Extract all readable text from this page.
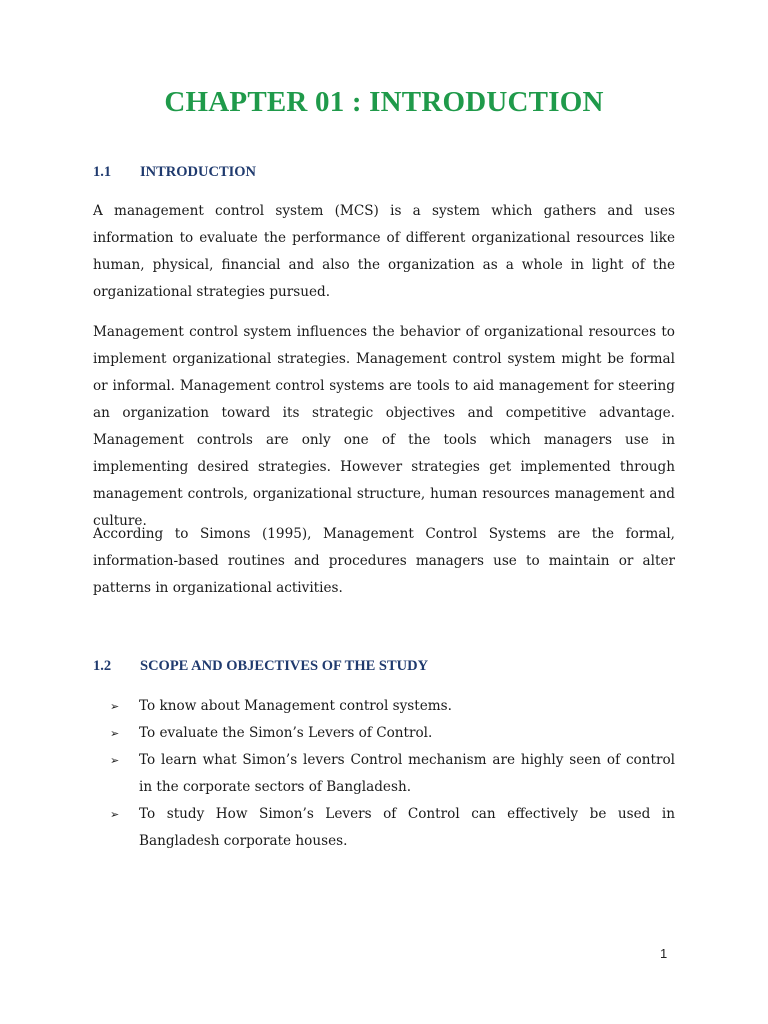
CHAPTER 01 : INTRODUCTION
1.1	INTRODUCTION

A management control system (MCS) is a system which gathers and uses information to evaluate the performance of different organizational resources like human, physical, financial and also the organization as a whole in light of the organizational strategies pursued.

Management control system influences the behavior of organizational resources to implement organizational strategies. Management control system might be formal or informal. Management control systems are tools to aid management for steering an organization toward its strategic objectives and competitive advantage. Management controls are only one of the tools which managers use in implementing desired strategies. However strategies get implemented through management controls, organizational structure, human resources management and culture.

According to Simons (1995), Management Control Systems are the formal, information-based routines and procedures managers use to maintain or alter patterns in organizational activities.

1.2	SCOPE AND OBJECTIVES OF THE STUDY
➢ To know about Management control systems.
➢ To evaluate the Simon’s Levers of Control.
➢ To learn what Simon’s levers Control mechanism are highly seen of control in the corporate sectors of Bangladesh.
➢ To study How Simon’s Levers of Control can effectively be used in Bangladesh corporate houses.
1
